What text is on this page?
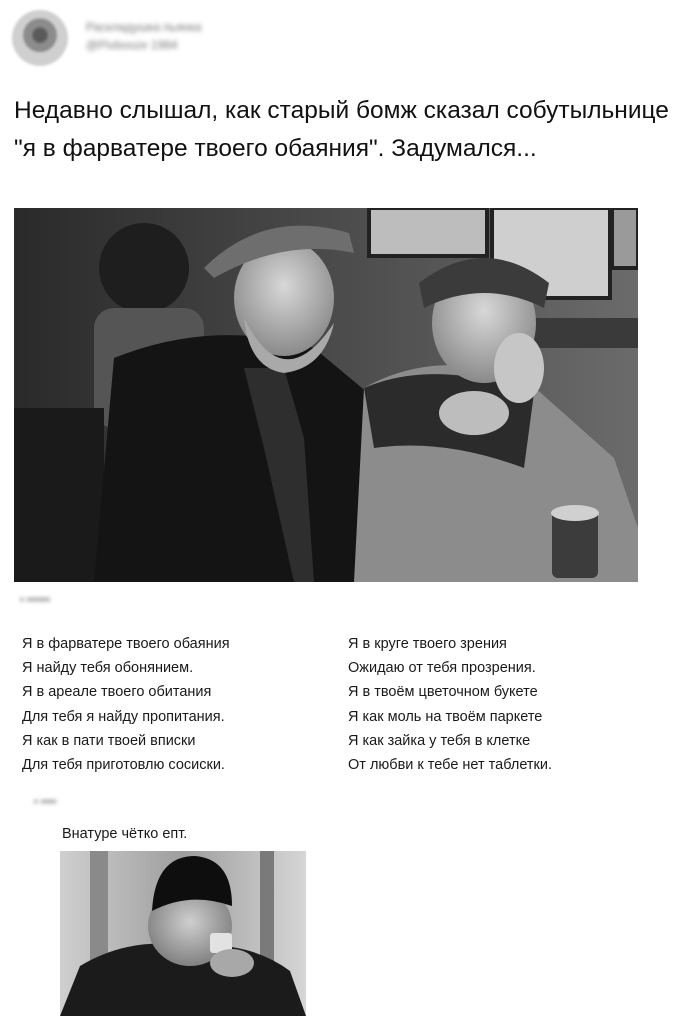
Раскладушка пьянка
@Pivbooze 1984

Недавно слышал, как старый бомж сказал собутыльнице "я в фарватере твоего обаяния". Задумался...

• ••••••
Я в фарватере твоего обаяния
Я найду тебя обонянием.
Я в ареале твоего обитания
Для тебя я найду пропитания.
Я как в пати твоей вписки
Для тебя приготовлю сосиски.
Я в круге твоего зрения
Ожидаю от тебя прозрения.
Я в твоём цветочном букете
Я как моль на твоём паркете
Я как зайка у тебя в клетке
От любви к тебе нет таблетки.
• ••••
Внатуре чётко епт.
